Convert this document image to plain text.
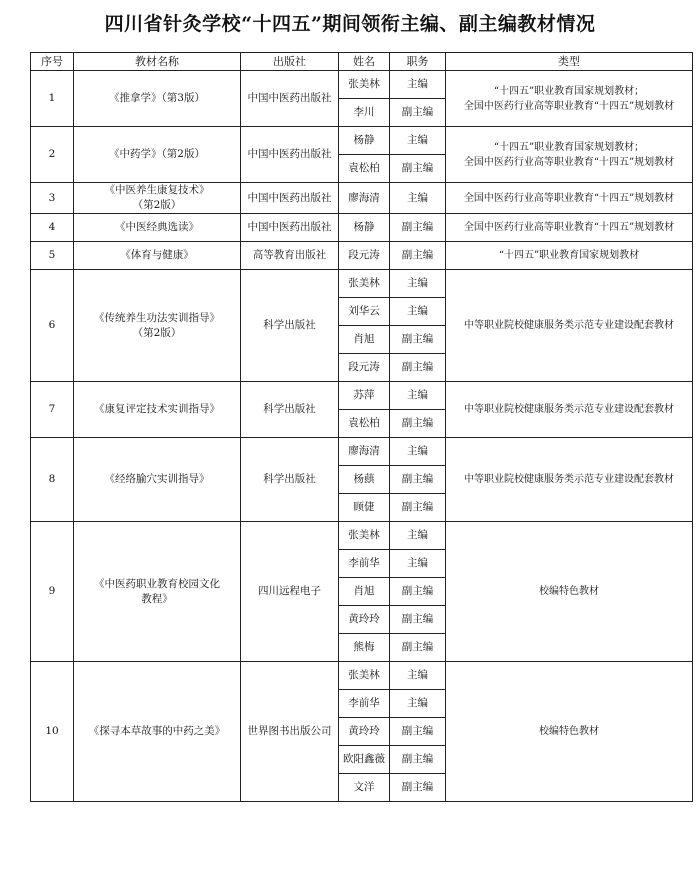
四川省针灸学校“十四五”期间领衔主编、副主编教材情况
序号	教材名称	出版社	姓名	职务	类型
1	《推拿学》（第3版）	中国中医药出版社	张美林	主编	“十四五”职业教育国家规划教材；
全国中医药行业高等职业教育“十四五”规划教材
			李川	副主编	
2	《中药学》（第2版）	中国中医药出版社	杨静	主编	“十四五”职业教育国家规划教材；
全国中医药行业高等职业教育“十四五”规划教材
			袁松柏	副主编	
3	《中医养生康复技术》
（第2版）	中国中医药出版社	廖海清	主编	全国中医药行业高等职业教育“十四五”规划教材
4	《中医经典选读》	中国中医药出版社	杨静	副主编	全国中医药行业高等职业教育“十四五”规划教材
5	《体育与健康》	高等教育出版社	段元涛	副主编	“十四五”职业教育国家规划教材
6	《传统养生功法实训指导》
（第2版）	科学出版社	张美林	主编	中等职业院校健康服务类示范专业建设配套教材
			刘华云	主编	
			肖旭	副主编	
			段元涛	副主编	
7	《康复评定技术实训指导》	科学出版社	苏萍	主编	中等职业院校健康服务类示范专业建设配套教材
			袁松柏	副主编	
8	《经络腧穴实训指导》	科学出版社	廖海清	主编	中等职业院校健康服务类示范专业建设配套教材
			杨蕻	副主编	
			顾倢	副主编	
9	《中医药职业教育校园文化
教程》	四川远程电子	张美林	主编	校编特色教材
			李前华	主编	
			肖旭	副主编	
			黄玲玲	副主编	
			熊梅	副主编	
10	《探寻本草故事的中药之美》	世界图书出版公司	张美林	主编	校编特色教材
			李前华	主编	
			黄玲玲	副主编	
			欧阳鑫薇	副主编	
			文洋	副主编	
